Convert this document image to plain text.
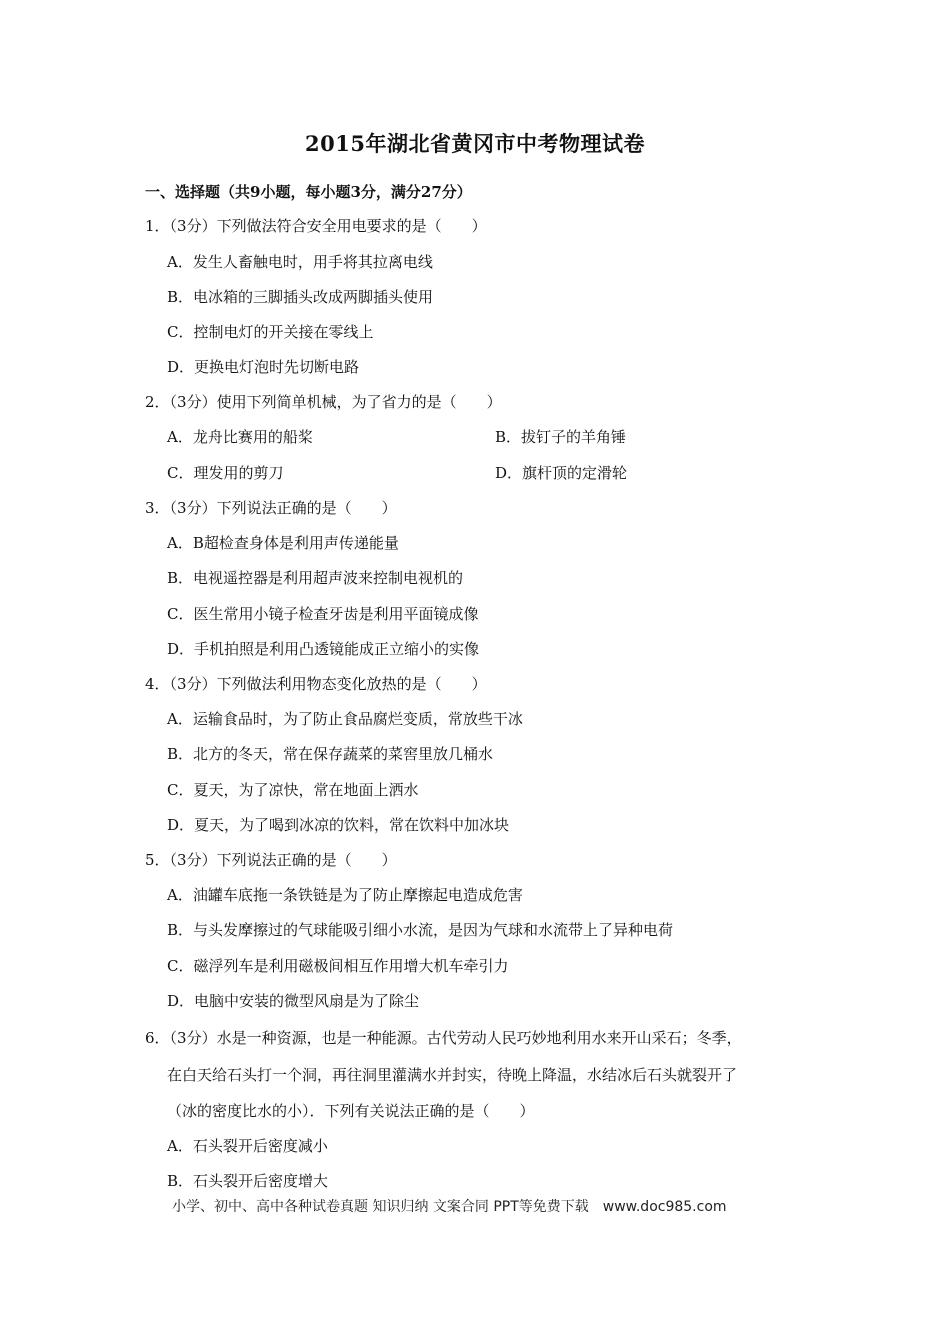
2015年湖北省黄冈市中考物理试卷
一、选择题（共9小题，每小题3分，满分27分）
1．（3分）下列做法符合安全用电要求的是（　　）
A．发生人畜触电时，用手将其拉离电线
B．电冰箱的三脚插头改成两脚插头使用
C．控制电灯的开关接在零线上
D．更换电灯泡时先切断电路
2．（3分）使用下列简单机械，为了省力的是（　　）
A．龙舟比赛用的船桨	B．拔钉子的羊角锤
C．理发用的剪刀	D．旗杆顶的定滑轮
3．（3分）下列说法正确的是（　　）
A．B超检查身体是利用声传递能量
B．电视遥控器是利用超声波来控制电视机的
C．医生常用小镜子检查牙齿是利用平面镜成像
D．手机拍照是利用凸透镜能成正立缩小的实像
4．（3分）下列做法利用物态变化放热的是（　　）
A．运输食品时，为了防止食品腐烂变质，常放些干冰
B．北方的冬天，常在保存蔬菜的菜窖里放几桶水
C．夏天，为了凉快，常在地面上洒水
D．夏天，为了喝到冰凉的饮料，常在饮料中加冰块
5．（3分）下列说法正确的是（　　）
A．油罐车底拖一条铁链是为了防止摩擦起电造成危害
B．与头发摩擦过的气球能吸引细小水流，是因为气球和水流带上了异种电荷
C．磁浮列车是利用磁极间相互作用增大机车牵引力
D．电脑中安装的微型风扇是为了除尘
6．（3分）水是一种资源，也是一种能源。古代劳动人民巧妙地利用水来开山采石；冬季，
在白天给石头打一个洞，再往洞里灌满水并封实，待晚上降温，水结冰后石头就裂开了
（冰的密度比水的小）．下列有关说法正确的是（　　）
A．石头裂开后密度减小
B．石头裂开后密度增大
小学、初中、高中各种试卷真题 知识归纳 文案合同 PPT等免费下载　www.doc985.com
